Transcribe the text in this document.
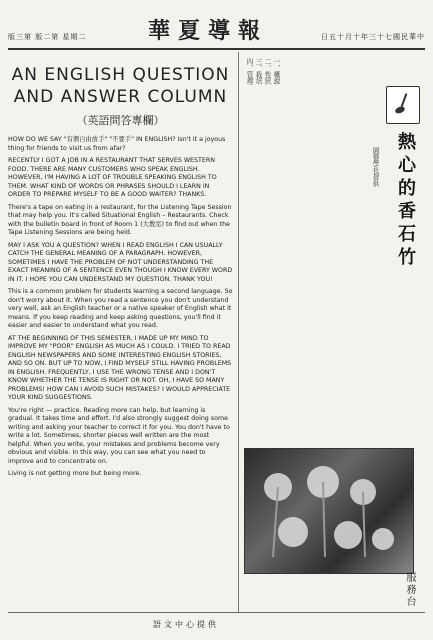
版三第 版二第 星期二	華夏導報	日五十月十年三十七國民華中
AN ENGLISH QUESTION
AND ANSWER COLUMN
（英語問答專欄）

HOW DO WE SAY "有個自由放手" "不要手" IN ENGLISH? Isn't it a joyous thing for friends to visit us from afar?

RECENTLY I GOT A JOB IN A RESTAURANT THAT SERVES WESTERN FOOD. THERE ARE MANY CUSTOMERS WHO SPEAK ENGLISH. HOWEVER, I'M HAVING A LOT OF TROUBLE SPEAKING ENGLISH TO THEM. WHAT KIND OF WORDS OR PHRASES SHOULD I LEARN IN ORDER TO PREPARE MYSELF TO BE A GOOD WAITER? THANKS.

There's a tape on eating in a restaurant, for the Listening Tape Session that may help you. It's called Situational English – Restaurants. Check with the bulletin board in front of Room 1 (大教室) to find out when the Tape Listening Sessions are being held.

MAY I ASK YOU A QUESTION? WHEN I READ ENGLISH I CAN USUALLY CATCH THE GENERAL MEANING OF A PARAGRAPH. HOWEVER, SOMETIMES I HAVE THE PROBLEM OF NOT UNDERSTANDING THE EXACT MEANING OF A SENTENCE EVEN THOUGH I KNOW EVERY WORD IN IT. I HOPE YOU CAN UNDERSTAND MY QUESTION. THANK YOU!

This is a common problem for students learning a second language. So don't worry about it. When you read a sentence you don't understand very well, ask an English teacher or a native speaker of English what it means. If you keep reading and keep asking questions, you'll find it easier and easier to understand what you read.

AT THE BEGINNING OF THIS SEMESTER, I MADE UP MY MIND TO IMPROVE MY "POOR" ENGLISH AS MUCH AS I COULD. I TRIED TO READ ENGLISH NEWSPAPERS AND SOME INTERESTING ENGLISH STORIES, AND SO ON. BUT UP TO NOW, I FIND MYSELF STILL HAVING PROBLEMS IN ENGLISH. FREQUENTLY, I USE THE WRONG TENSE AND I DON'T KNOW WHETHER THE TENSE IS RIGHT OR NOT. OH, I HAVE SO MANY PROBLEMS! HOW CAN I AVOID SUCH MISTAKES? I WOULD APPRECIATE YOUR KIND SUGGESTIONS.

You're right — practice. Reading more can help, but learning is gradual. It takes time and effort. I'd also strongly suggest doing some writing and asking your teacher to correct it for you. You don't have to write a lot. Sometimes, shorter pieces well written are the most helpful. When you write, your mistakes and problems become very obvious and visible. In this way, you can see what you need to improve and to concentrate on.

Living is not getting more but being more.

熱心的香石竹
園藝學社提供
一、概說
二、性狀
三、栽培
四、管理
服務台
語文中心提供
